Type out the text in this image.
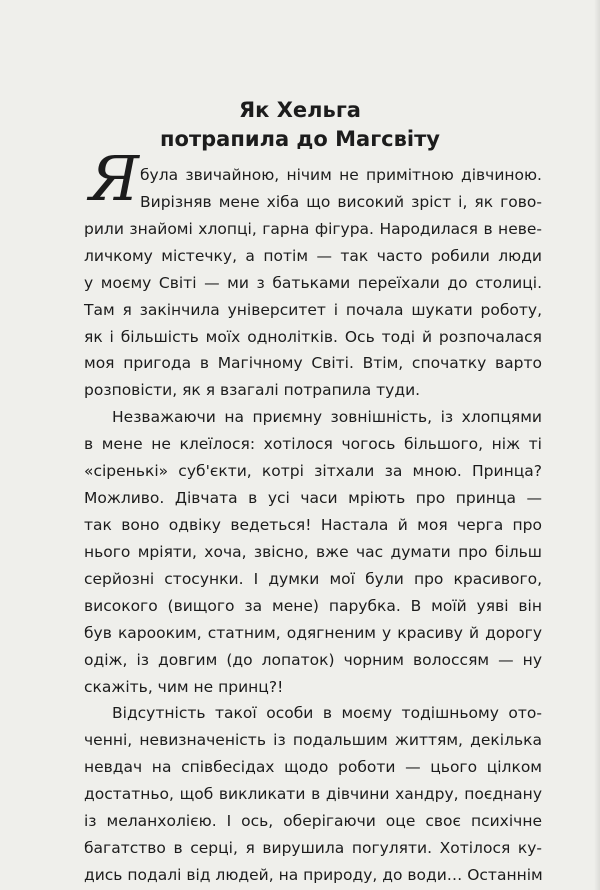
Як Хельга
потрапила до Магсвіту
Я була звичайною, нічим не примітною дівчиною.
Вирізняв мене хіба що високий зріст і, як гово-
рили знайомі хлопці, гарна фігура. Народилася в неве-
личкому містечку, а потім — так часто робили люди
у моєму Світі — ми з батьками переїхали до столиці.
Там я закінчила університет і почала шукати роботу,
як і більшість моїх однолітків. Ось тоді й розпочалася
моя пригода в Магічному Світі. Втім, спочатку варто
розповісти, як я взагалі потрапила туди.
Незважаючи на приємну зовнішність, із хлопцями
в мене не клеїлося: хотілося чогось більшого, ніж ті
«сіренькі» суб'єкти, котрі зітхали за мною. Принца?
Можливо. Дівчата в усі часи мріють про принца —
так воно одвіку ведеться! Настала й моя черга про
нього мріяти, хоча, звісно, вже час думати про більш
серйозні стосунки. І думки мої були про красивого,
високого (вищого за мене) парубка. В моїй уяві він
був карооким, статним, одягненим у красиву й дорогу
одіж, із довгим (до лопаток) чорним волоссям — ну
скажіть, чим не принц?!
Відсутність такої особи в моєму тодішньому ото-
ченні, невизначеність із подальшим життям, декілька
невдач на співбесідах щодо роботи — цього цілком
достатньо, щоб викликати в дівчини хандру, поєднану
із меланхолією. І ось, оберігаючи оце своє психічне
багатство в серці, я вирушила погуляти. Хотілося ку-
дись подалі від людей, на природу, до води… Останнім
